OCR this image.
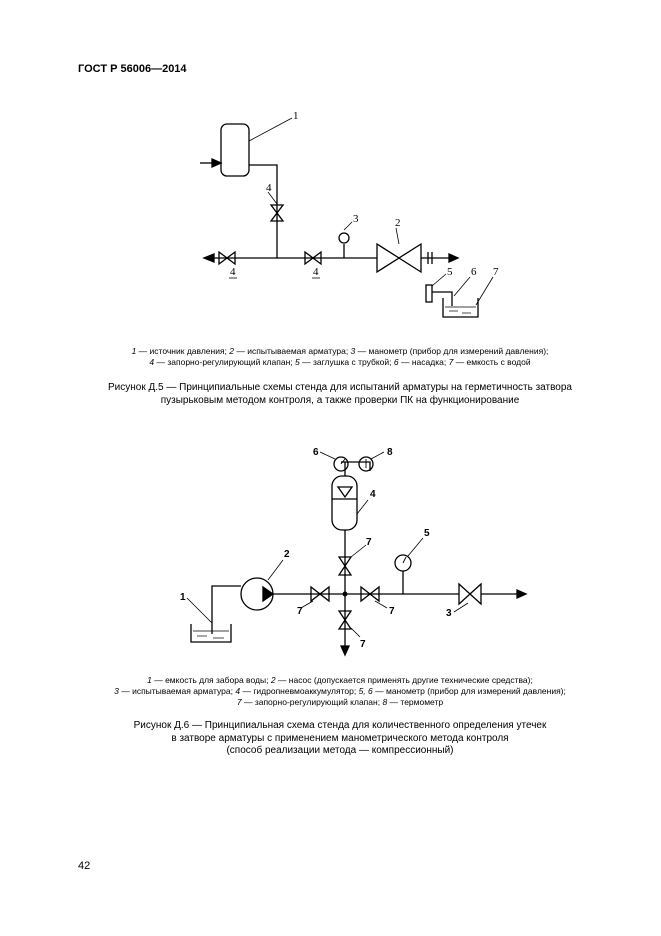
ГОСТ Р 56006—2014
1
2
3
4
4	4	5 6 7
1 — источник давления; 2 — испытываемая арматура; 3 — манометр (прибор для измерений давления);
4 — запорно-регулирующий клапан; 5 — заглушка с трубкой; 6 — насадка; 7 — емкость с водой
Рисунок Д.5 — Принципиальные схемы стенда для испытаний арматуры на герметичность затвора
пузырьковым методом контроля, а также проверки ПК на функционирование
1
2
3
4
5
6
7
7	7
7
8
1 — емкость для забора воды; 2 — насос (допускается применять другие технические средства);
3 — испытываемая арматура; 4 — гидропневмоаккумулятор; 5, 6 — манометр (прибор для измерений давления);
7 — запорно-регулирующий клапан; 8 — термометр
Рисунок Д.6 — Принципиальная схема стенда для количественного определения утечек
в затворе арматуры с применением манометрического метода контроля
(способ реализации метода — компрессионный)
42
